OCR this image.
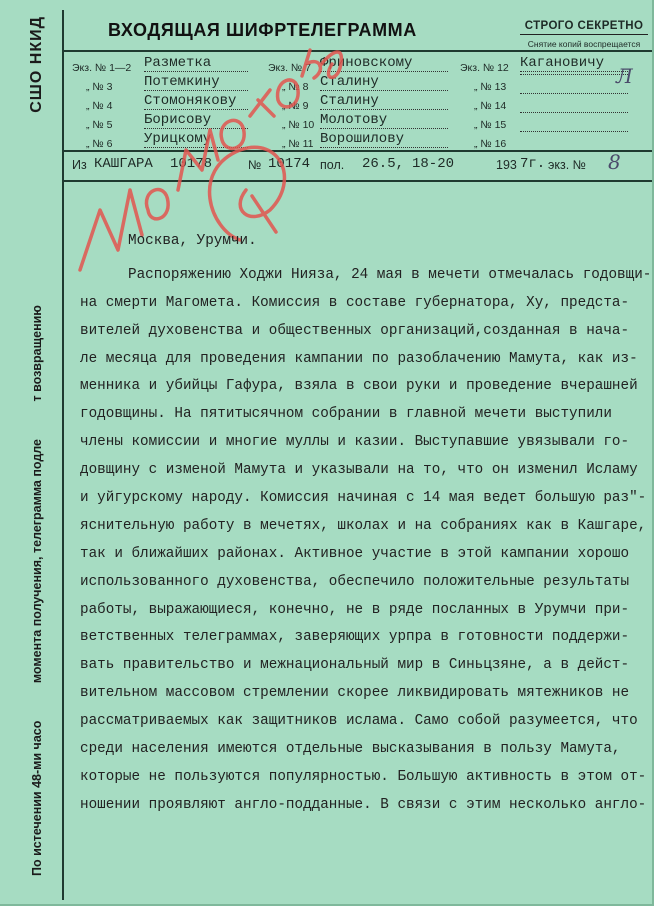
По истечении 48-ми часо момента получения, телеграмма подле т возвращению
СШО НКИД	ВХОДЯЩАЯ ШИФРТЕЛЕГРАММА	СТРОГО СЕКРЕТНО
Снятие копий воспрещается
Экз. № 1—2 Разметка	Экз. № 7 Фриновскому	Экз. № 12 Кагановичу
„ № 3 Потемкину	„ № 8 Сталину	„ № 13
„ № 4 Стомонякову	„ № 9 Сталину	„ № 14
„ № 5 Борисову	„ № 10 Молотову	„ № 15
„ № 6 Урицкому	„ № 11 Ворошилову	„ № 16
Л
Из КАШГАРА 10178	№ 10174 пол. 26.5, 18-20	193 7г. экз. № 8
Москва, Урумчи.
Распоряжению Ходжи Нияза, 24 мая в мечети отмечалась годовщи-
на смерти Магомета. Комиссия в составе губернатора, Ху, предста-
вителей духовенства и общественных организаций,созданная в нача-
ле месяца для проведения кампании по разоблачению Мамута, как из-
менника и убийцы Гафура, взяла в свои руки и проведение вчерашней
годовщины. На пятитысячном собрании в главной мечети выступили
члены комиссии и многие муллы и казии. Выступавшие увязывали го-
довщину с изменой Мамута и указывали на то, что он изменил Исламу
и уйгурскому народу. Комиссия начиная с 14 мая ведет большую раз"-
яснительную работу в мечетях, школах и на собраниях как в Кашгаре,
так и ближайших районах. Активное участие в этой кампании хорошо
использованного духовенства, обеспечило положительные результаты
работы, выражающиеся, конечно, не в ряде посланных в Урумчи при-
ветственных телеграммах, заверяющих урпра в готовности поддержи-
вать правительство и межнациональный мир в Синьцзяне, а в дейст-
вительном массовом стремлении скорее ликвидировать мятежников не
рассматриваемых как защитников ислама. Само собой разумеется, что
среди населения имеются отдельные высказывания в пользу Мамута,
которые не пользуются популярностью. Большую активность в этом от-
ношении проявляют англо-подданные. В связи с этим несколько англо-
